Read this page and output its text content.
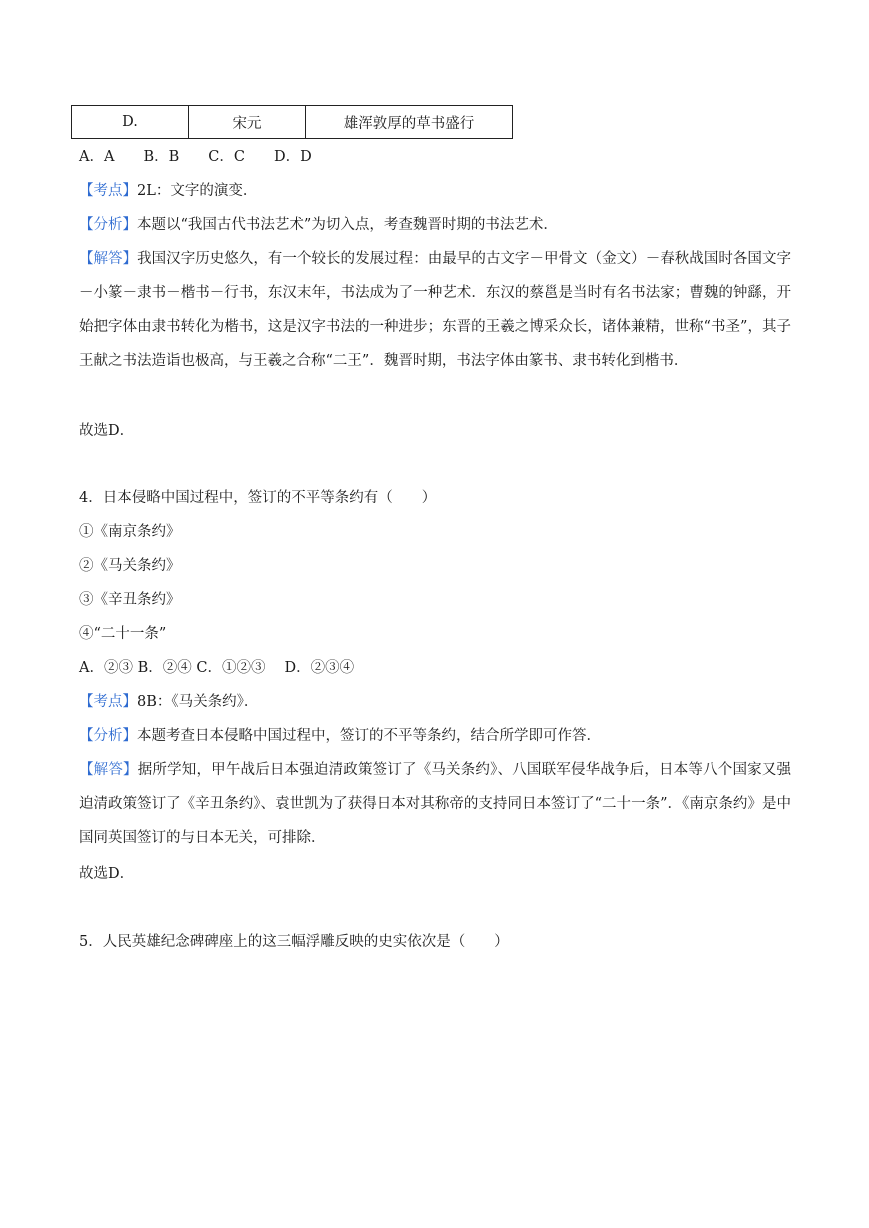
D.	宋元	雄浑敦厚的草书盛行
A．A　　B．B　　C．C　　D．D
【考点】2L：文字的演变．
【分析】本题以“我国古代书法艺术”为切入点，考查魏晋时期的书法艺术．
【解答】我国汉字历史悠久，有一个较长的发展过程：由最早的古文字－甲骨文（金文）－春秋战国时各国文字－小篆－隶书－楷书－行书，东汉末年，书法成为了一种艺术．东汉的蔡邕是当时有名书法家；曹魏的钟繇，开始把字体由隶书转化为楷书，这是汉字书法的一种进步；东晋的王羲之博采众长，诸体兼精，世称“书圣”，其子王献之书法造诣也极高，与王羲之合称“二王”．魏晋时期，书法字体由篆书、隶书转化到楷书．
故选D．
4．日本侵略中国过程中，签订的不平等条约有（　　）
①《南京条约》
②《马关条约》
③《辛丑条约》
④“二十一条”
A．②③ B．②④ C．①②③　 D．②③④
【考点】8B：《马关条约》．
【分析】本题考查日本侵略中国过程中，签订的不平等条约，结合所学即可作答．
【解答】据所学知，甲午战后日本强迫清政策签订了《马关条约》、八国联军侵华战争后，日本等八个国家又强迫清政策签订了《辛丑条约》、袁世凯为了获得日本对其称帝的支持同日本签订了“二十一条”．《南京条约》是中国同英国签订的与日本无关，可排除．
故选D．
5．人民英雄纪念碑碑座上的这三幅浮雕反映的史实依次是（　　）
